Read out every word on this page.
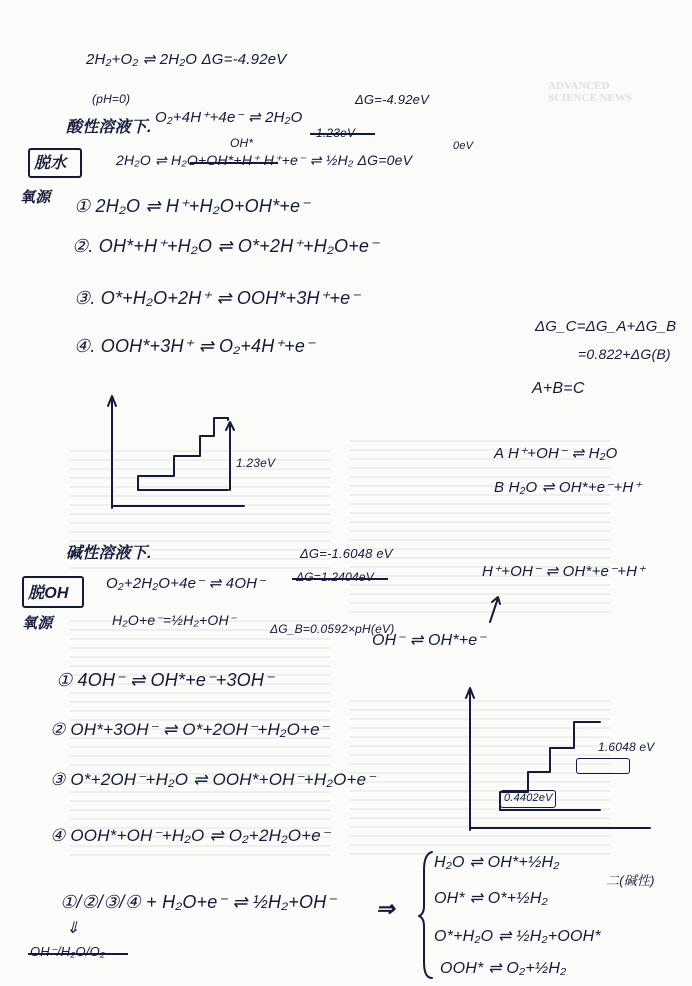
ADVANCED
SCIENCE NEWS
2H₂+O₂ ⇌ 2H₂O ΔG=-4.92eV
(pH=0)
酸性溶液下.
O₂+4H⁺+4e⁻ ⇌ 2H₂O
ΔG=-4.92eV
1.23eV
OH*	0eV
脱水	2H₂O ⇌ H₂O+OH*+H⁺ H⁺+e⁻ ⇌ ½H₂ ΔG=0eV
氧源 ① 2H₂O ⇌ H⁺+H₂O+OH*+e⁻
②. OH*+H⁺+H₂O ⇌ O*+2H⁺+H₂O+e⁻
③. O*+H₂O+2H⁺ ⇌ OOH*+3H⁺+e⁻
④. OOH*+3H⁺ ⇌ O₂+4H⁺+e⁻
ΔG_C=ΔG_A+ΔG_B
=0.822+ΔG(B)
A+B=C
1.23eV
A H⁺+OH⁻ ⇌ H₂O
B H₂O ⇌ OH*+e⁻+H⁺
碱性溶液下.	ΔG=-1.6048 eV
ΔG=1.2404eV
脱OH
O₂+2H₂O+4e⁻ ⇌ 4OH⁻
H₂O+e⁻=½H₂+OH⁻
ΔG_B=0.0592×pH(eV)
氧源
H⁺+OH⁻ ⇌ OH*+e⁻+H⁺
OH⁻ ⇌ OH*+e⁻
① 4OH⁻ ⇌ OH*+e⁻+3OH⁻
② OH*+3OH⁻ ⇌ O*+2OH⁻+H₂O+e⁻
③ O*+2OH⁻+H₂O ⇌ OOH*+OH⁻+H₂O+e⁻
④ OOH*+OH⁻+H₂O ⇌ O₂+2H₂O+e⁻
1.6048 eV
0.4402eV
①/②/③/④ + H₂O+e⁻ ⇌ ½H₂+OH⁻ ⇒
H₂O ⇌ OH*+½H₂
OH* ⇌ O*+½H₂
O*+H₂O ⇌ ½H₂+OOH*
OOH* ⇌ O₂+½H₂
二(碱性)
⇓
OH⁻/H₂O/O₂
